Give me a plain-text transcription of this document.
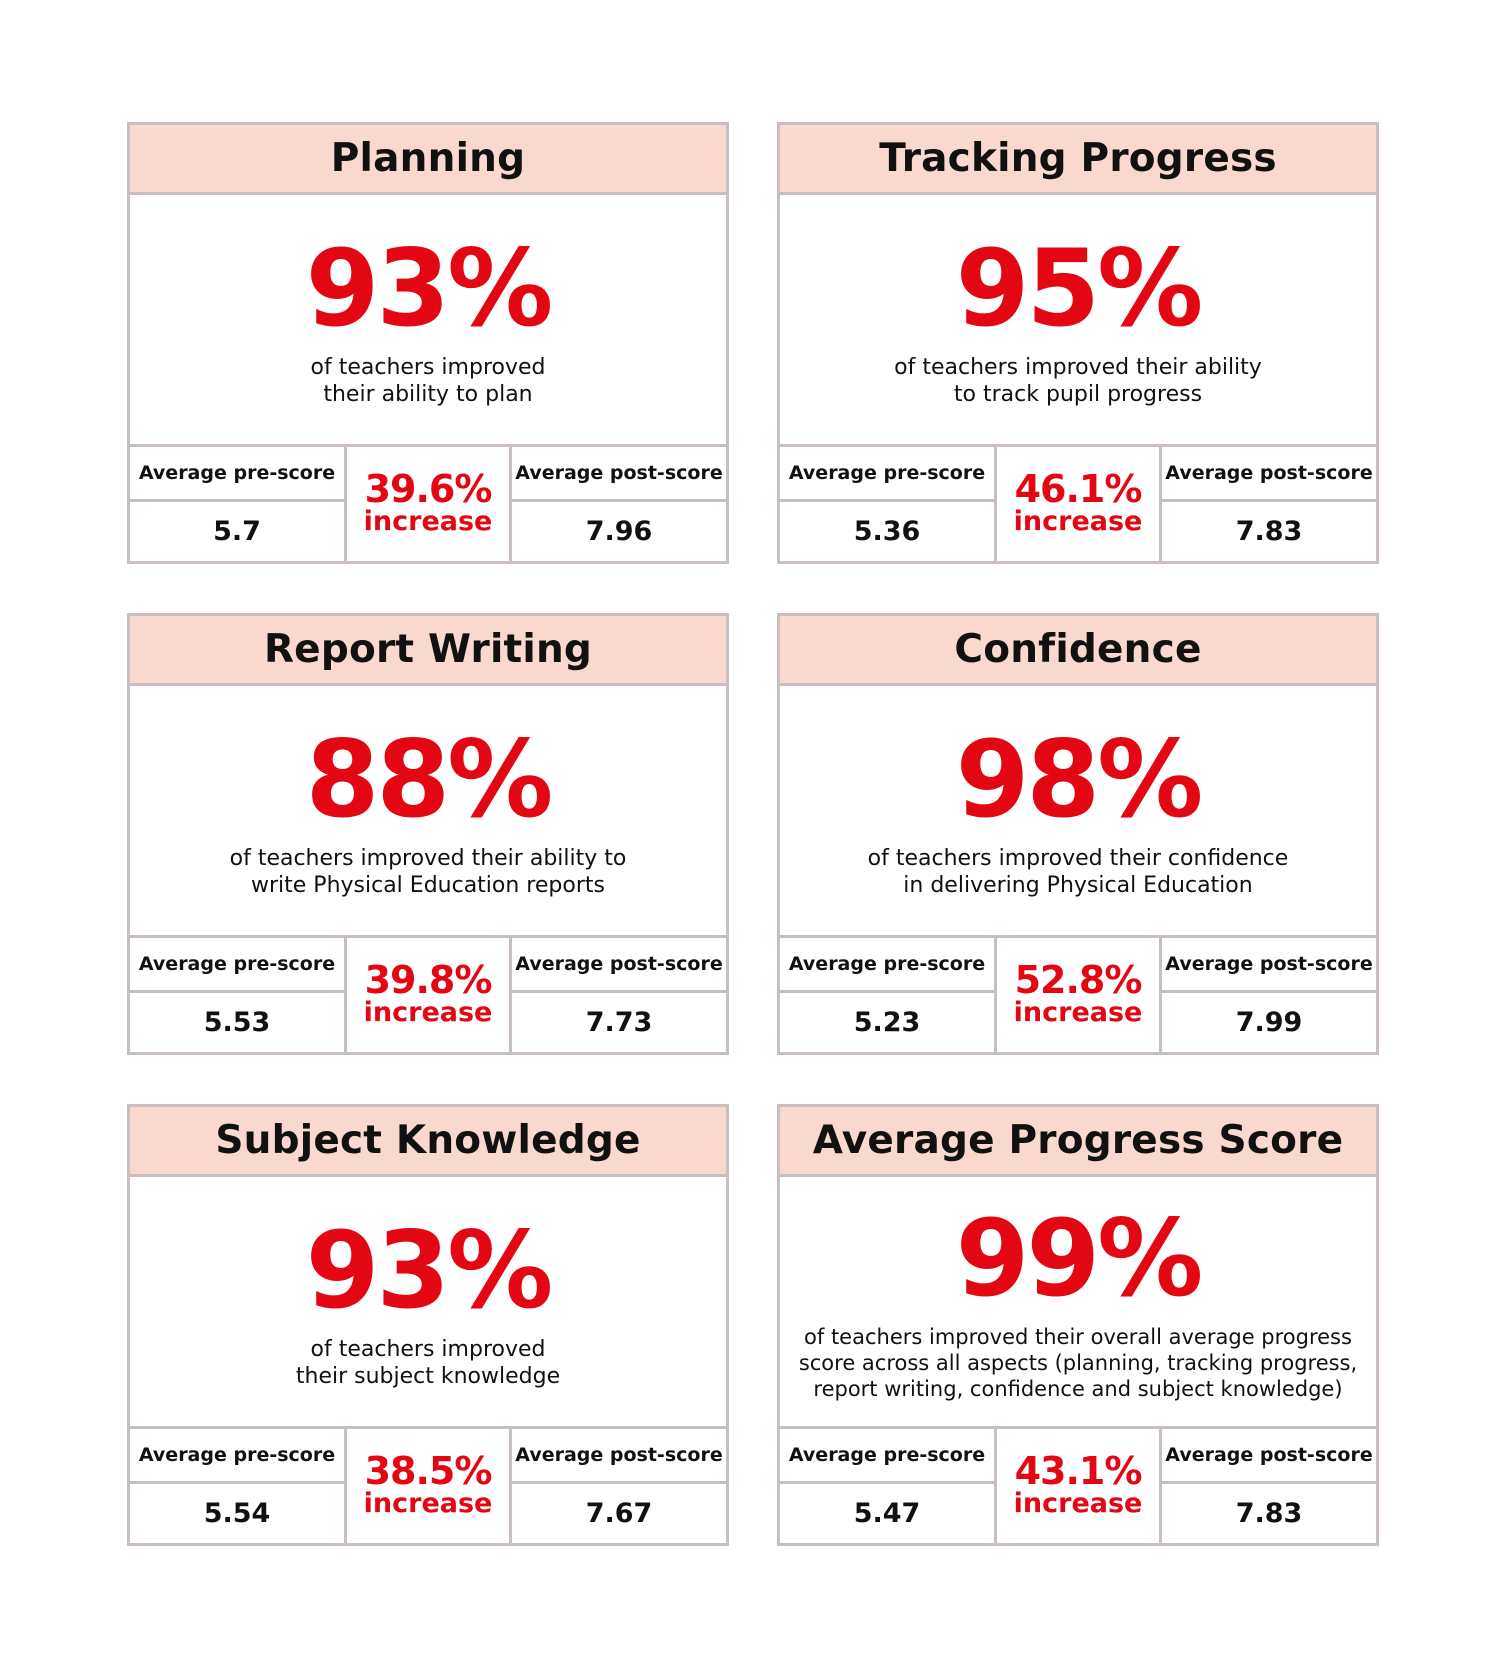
Planning
93%
of teachers improved
their ability to plan
Average pre-score
5.7
39.6%
increase
Average post-score
7.96
Tracking Progress
95%
of teachers improved their ability
to track pupil progress
Average pre-score
5.36
46.1%
increase
Average post-score
7.83
Report Writing
88%
of teachers improved their ability to
write Physical Education reports
Average pre-score
5.53
39.8%
increase
Average post-score
7.73
Confidence
98%
of teachers improved their confidence
in delivering Physical Education
Average pre-score
5.23
52.8%
increase
Average post-score
7.99
Subject Knowledge
93%
of teachers improved
their subject knowledge
Average pre-score
5.54
38.5%
increase
Average post-score
7.67
Average Progress Score
99%
of teachers improved their overall average progress
score across all aspects (planning, tracking progress,
report writing, confidence and subject knowledge)
Average pre-score
5.47
43.1%
increase
Average post-score
7.83
